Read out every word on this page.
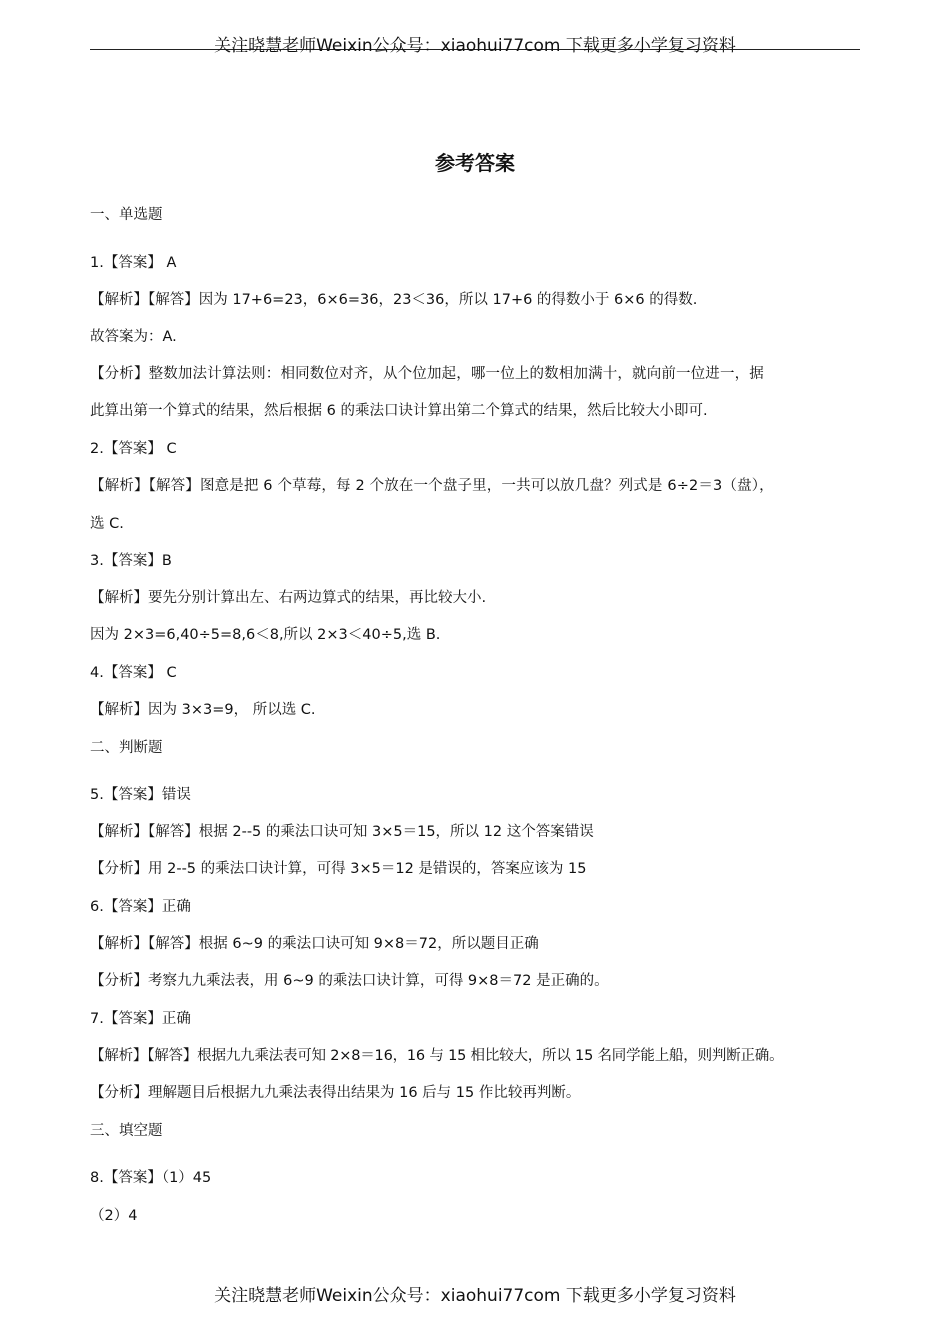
关注晓慧老师Weixin公众号：xiaohui77com 下载更多小学复习资料
参考答案
一、单选题
1.【答案】 A
【解析】【解答】因为 17+6=23，6×6=36，23＜36，所以 17+6 的得数小于 6×6 的得数.
故答案为：A.
【分析】整数加法计算法则：相同数位对齐，从个位加起，哪一位上的数相加满十，就向前一位进一，据
此算出第一个算式的结果，然后根据 6 的乘法口诀计算出第二个算式的结果，然后比较大小即可.
2.【答案】 C
【解析】【解答】图意是把 6 个草莓，每 2 个放在一个盘子里，一共可以放几盘？列式是 6÷2＝3（盘），
选 C.
3.【答案】B
【解析】要先分别计算出左、右两边算式的结果，再比较大小.
因为 2×3=6,40÷5=8,6＜8,所以 2×3＜40÷5,选 B.
4.【答案】 C
【解析】因为 3×3=9， 所以选 C.
二、判断题
5.【答案】错误
【解析】【解答】根据 2--5 的乘法口诀可知 3×5＝15，所以 12 这个答案错误
【分析】用 2--5 的乘法口诀计算，可得 3×5＝12 是错误的，答案应该为 15
6.【答案】正确
【解析】【解答】根据 6~9 的乘法口诀可知 9×8＝72，所以题目正确
【分析】考察九九乘法表，用 6~9 的乘法口诀计算，可得 9×8＝72 是正确的。
7.【答案】正确
【解析】【解答】根据九九乘法表可知 2×8＝16，16 与 15 相比较大，所以 15 名同学能上船，则判断正确。
【分析】理解题目后根据九九乘法表得出结果为 16 后与 15 作比较再判断。
三、填空题
8.【答案】（1）45
（2）4
关注晓慧老师Weixin公众号：xiaohui77com 下载更多小学复习资料
